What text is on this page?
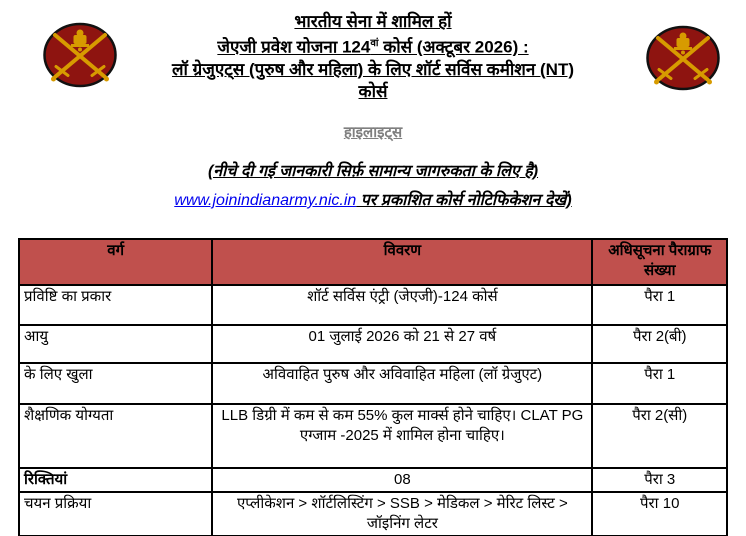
भारतीय सेना में शामिल हों
जेएजी प्रवेश योजना $124^{वां}$ कोर्स (अक्टूबर 2026) :
लॉ ग्रेजुएट्स (पुरुष और महिला) के लिए शॉर्ट सर्विस कमीशन (NT)
कोर्स
हाइलाइट्स
(नीचे दी गई जानकारी सिर्फ़ सामान्य जागरुकता के लिए है)
www.joinindianarmy.nic.in पर प्रकाशित कोर्स नोटिफिकेशन देखें)
वर्ग	विवरण	अधिसूचना पैराग्राफ संख्या
प्रविष्टि का प्रकार	शॉर्ट सर्विस एंट्री (जेएजी)-124 कोर्स	पैरा 1
आयु	01 जुलाई 2026 को 21 से 27 वर्ष	पैरा 2(बी)
के लिए खुला	अविवाहित पुरुष और अविवाहित महिला (लॉ ग्रेजुएट)	पैरा 1
शैक्षणिक योग्यता	LLB डिग्री में कम से कम 55% कुल मार्क्स होने चाहिए। CLAT PG एग्जाम -2025 में शामिल होना चाहिए।	पैरा 2(सी)
रिक्तियां	08	पैरा 3
चयन प्रक्रिया	एप्लीकेशन > शॉर्टलिस्टिंग > SSB > मेडिकल > मेरिट लिस्ट > जॉइनिंग लेटर	पैरा 10
